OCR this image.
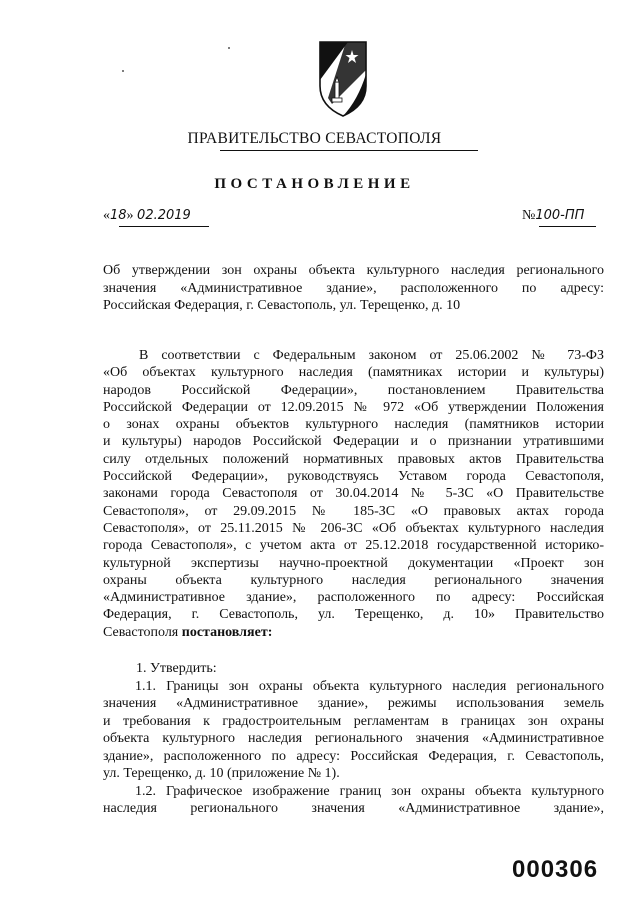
ПРАВИТЕЛЬСТВО СЕВАСТОПОЛЯ
ПОСТАНОВЛЕНИЕ
«18» 02.2019	№100-ПП
Об утверждении зон охраны объекта культурного наследия регионального
значения «Административное здание», расположенного по адресу:
Российская Федерация, г. Севастополь, ул. Терещенко, д. 10
В соответствии с Федеральным законом от 25.06.2002 № 73-ФЗ
«Об объектах культурного наследия (памятниках истории и культуры)
народов Российской Федерации», постановлением Правительства
Российской Федерации от 12.09.2015 № 972 «Об утверждении Положения
о зонах охраны объектов культурного наследия (памятников истории
и культуры) народов Российской Федерации и о признании утратившими
силу отдельных положений нормативных правовых актов Правительства
Российской Федерации», руководствуясь Уставом города Севастополя,
законами города Севастополя от 30.04.2014 № 5-ЗС «О Правительстве
Севастополя», от 29.09.2015 № 185-ЗС «О правовых актах города
Севастополя», от 25.11.2015 № 206-ЗС «Об объектах культурного наследия
города Севастополя», с учетом акта от 25.12.2018 государственной историко-
культурной экспертизы научно-проектной документации «Проект зон
охраны объекта культурного наследия регионального значения
«Административное здание», расположенного по адресу: Российская
Федерация, г. Севастополь, ул. Терещенко, д. 10» Правительство
Севастополя постановляет:
1. Утвердить:
1.1. Границы зон охраны объекта культурного наследия регионального
значения «Административное здание», режимы использования земель
и требования к градостроительным регламентам в границах зон охраны
объекта культурного наследия регионального значения «Административное
здание», расположенного по адресу: Российская Федерация, г. Севастополь,
ул. Терещенко, д. 10 (приложение № 1).
1.2. Графическое изображение границ зон охраны объекта культурного
наследия регионального значения «Административное здание»,
000306
